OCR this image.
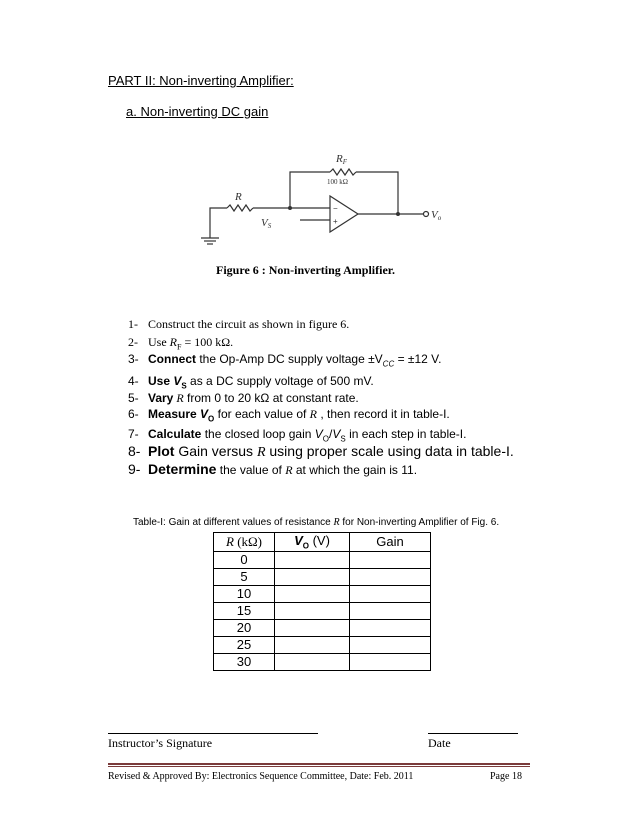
PART II: Non-inverting Amplifier:
a. Non-inverting DC gain
RF
100 kΩ
R
VS
−
+
Vo
Figure 6 : Non-inverting Amplifier.
1- Construct the circuit as shown in figure 6.
2- Use $R_F = 100$ kΩ.
3- Connect the Op-Amp DC supply voltage $\pm V_{CC} = \pm 12$ V.
4- Use $V_S$ as a DC supply voltage of 500 mV.
5- Vary R from 0 to 20 kΩ at constant rate.
6- Measure $V_O$ for each value of R , then record it in table-I.
7- Calculate the closed loop gain $V_O/V_S$ in each step in table-I.
8- Plot Gain versus R using proper scale using data in table-I.
9- Determine the value of R at which the gain is 11.
Table-I: Gain at different values of resistance R for Non-inverting Amplifier of Fig. 6.
R (kΩ)	$V_O$ (V)	Gain
0		
5		
10		
15		
20		
25		
30		
Instructor’s Signature	Date
Revised & Approved By: Electronics Sequence Committee, Date: Feb. 2011	Page 18
